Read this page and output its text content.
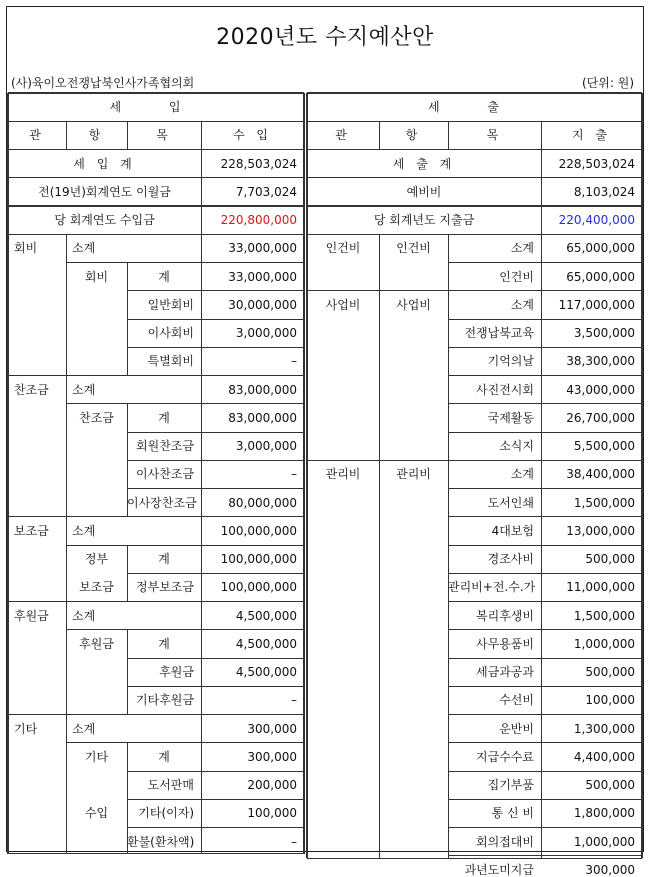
2020년도 수지예산안
(사)육이오전쟁납북인사가족협의회	(단위: 원)
세 입
관	항	목	수 입
세 입 계	228,503,024
전(19년)회계연도 이월금	7,703,024
당 회계연도 수입금	220,800,000
회비	소계	33,000,000
회비	계	33,000,000
일반회비	30,000,000
이사회비	3,000,000
특별회비	–
찬조금	소계	83,000,000
찬조금	계	83,000,000
회원찬조금	3,000,000
이사찬조금	–
이사장찬조금	80,000,000
보조금	소계	100,000,000
정부	계	100,000,000
보조금	정부보조금	100,000,000
후원금	소계	4,500,000
후원금	계	4,500,000
후원금	4,500,000
기타후원금	–
기타	소계	300,000
기타	계	300,000
도서판매	200,000
수입	기타(이자)	100,000
환불(환차액)	–
세 출
관	항	목	지 출
세 출 계	228,503,024
예비비	8,103,024
당 회계년도 지출금	220,400,000
인건비	인건비	소계	65,000,000
인건비	65,000,000
사업비	사업비	소계	117,000,000
전쟁납북교육	3,500,000
기억의날	38,300,000
사진전시회	43,000,000
국제활동	26,700,000
소식지	5,500,000
관리비	관리비	소계	38,400,000
도서인쇄	1,500,000
4대보험	13,000,000
경조사비	500,000
관리비+전.수.가	11,000,000
복리후생비	1,500,000
사무용품비	1,000,000
세금과공과	500,000
수선비	100,000
운반비	1,300,000
지급수수료	4,400,000
집기부품	500,000
통 신 비	1,800,000
회의접대비	1,000,000
과년도미지급	300,000
